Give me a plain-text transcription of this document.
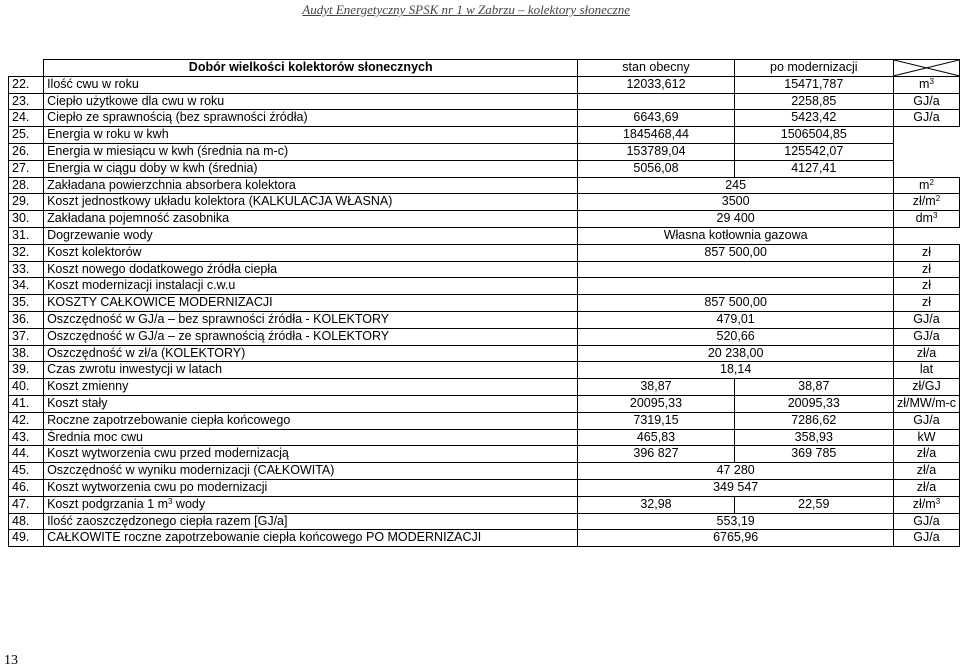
Audyt Energetyczny SPSK nr 1 w Zabrzu – kolektory słoneczne
	Dobór wielkości kolektorów słonecznych	stan obecny	po modernizacji	

22.	Ilość cwu w roku	12033,612	15471,787	$m^3$
23.	Ciepło użytkowe dla cwu w roku		2258,85	GJ/a
24.	Ciepło ze sprawnością (bez sprawności źródła)	6643,69	5423,42	GJ/a
25.	Energia w roku w kwh	1845468,44	1506504,85	
26.	Energia w miesiącu w kwh (średnia na m-c)	153789,04	125542,07	
27.	Energia w ciągu doby w kwh (średnia)	5056,08	4127,41	
28.	Zakładana powierzchnia absorbera kolektora	245		$m^2$
29.	Koszt jednostkowy układu kolektora (KALKULACJA WŁASNA)	3500		$zł/m^2$
30.	Zakładana pojemność zasobnika	29 400		$dm^3$
31.	Dogrzewanie wody	Własna kotłownia gazowa		
32.	Koszt kolektorów	857 500,00		zł
33.	Koszt nowego dodatkowego źródła ciepła			zł
34.	Koszt modernizacji instalacji c.w.u			zł
35.	KOSZTY CAŁKOWICE MODERNIZACJI	857 500,00		zł
36.	Oszczędność w GJ/a – bez sprawności źródła - KOLEKTORY	479,01		GJ/a
37.	Oszczędność w GJ/a – ze sprawnością źródła - KOLEKTORY	520,66		GJ/a
38.	Oszczędność w zł/a (KOLEKTORY)	20 238,00		zł/a
39.	Czas zwrotu inwestycji w latach	18,14		lat
40.	Koszt zmienny	38,87	38,87	zł/GJ
41.	Koszt stały	20095,33	20095,33	zł/MW/m-c
42.	Roczne zapotrzebowanie ciepła końcowego	7319,15	7286,62	GJ/a
43.	Średnia moc cwu	465,83	358,93	kW
44.	Koszt wytworzenia cwu przed modernizacją	396 827	369 785	zł/a
45.	Oszczędność w wyniku modernizacji (CAŁKOWITA)	47 280		zł/a
46.	Koszt wytworzenia cwu po modernizacji	349 547		zł/a
47.	Koszt podgrzania 1 $m^3$ wody	32,98	22,59	$zł/m^3$
48.	Ilość zaoszczędzonego ciepła razem [GJ/a]	553,19		GJ/a
49.	CAŁKOWITE roczne zapotrzebowanie ciepła końcowego PO MODERNIZACJI	6765,96		GJ/a
13
